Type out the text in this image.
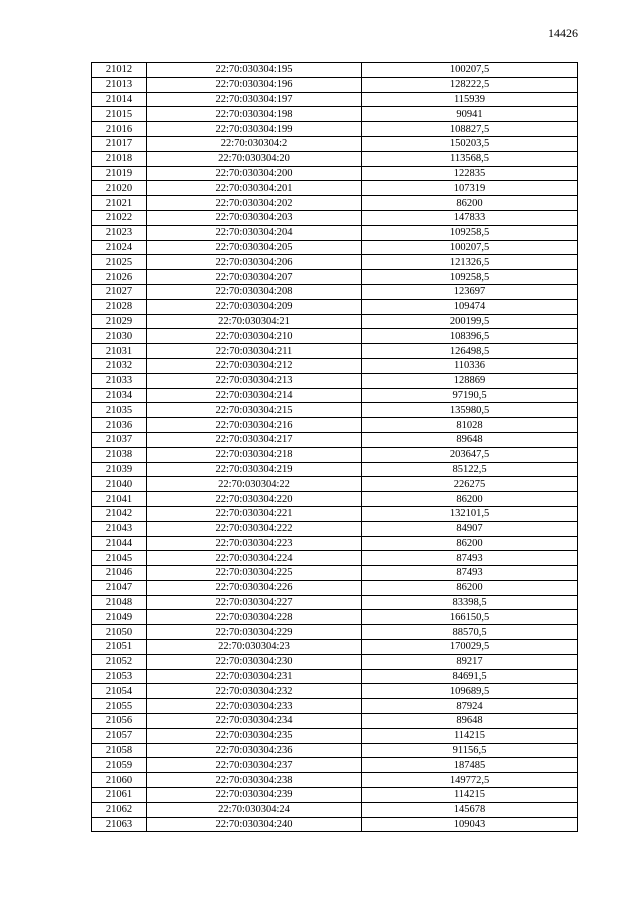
14426
21012	22:70:030304:195	100207,5
21013	22:70:030304:196	128222,5
21014	22:70:030304:197	115939
21015	22:70:030304:198	90941
21016	22:70:030304:199	108827,5
21017	22:70:030304:2	150203,5
21018	22:70:030304:20	113568,5
21019	22:70:030304:200	122835
21020	22:70:030304:201	107319
21021	22:70:030304:202	86200
21022	22:70:030304:203	147833
21023	22:70:030304:204	109258,5
21024	22:70:030304:205	100207,5
21025	22:70:030304:206	121326,5
21026	22:70:030304:207	109258,5
21027	22:70:030304:208	123697
21028	22:70:030304:209	109474
21029	22:70:030304:21	200199,5
21030	22:70:030304:210	108396,5
21031	22:70:030304:211	126498,5
21032	22:70:030304:212	110336
21033	22:70:030304:213	128869
21034	22:70:030304:214	97190,5
21035	22:70:030304:215	135980,5
21036	22:70:030304:216	81028
21037	22:70:030304:217	89648
21038	22:70:030304:218	203647,5
21039	22:70:030304:219	85122,5
21040	22:70:030304:22	226275
21041	22:70:030304:220	86200
21042	22:70:030304:221	132101,5
21043	22:70:030304:222	84907
21044	22:70:030304:223	86200
21045	22:70:030304:224	87493
21046	22:70:030304:225	87493
21047	22:70:030304:226	86200
21048	22:70:030304:227	83398,5
21049	22:70:030304:228	166150,5
21050	22:70:030304:229	88570,5
21051	22:70:030304:23	170029,5
21052	22:70:030304:230	89217
21053	22:70:030304:231	84691,5
21054	22:70:030304:232	109689,5
21055	22:70:030304:233	87924
21056	22:70:030304:234	89648
21057	22:70:030304:235	114215
21058	22:70:030304:236	91156,5
21059	22:70:030304:237	187485
21060	22:70:030304:238	149772,5
21061	22:70:030304:239	114215
21062	22:70:030304:24	145678
21063	22:70:030304:240	109043
